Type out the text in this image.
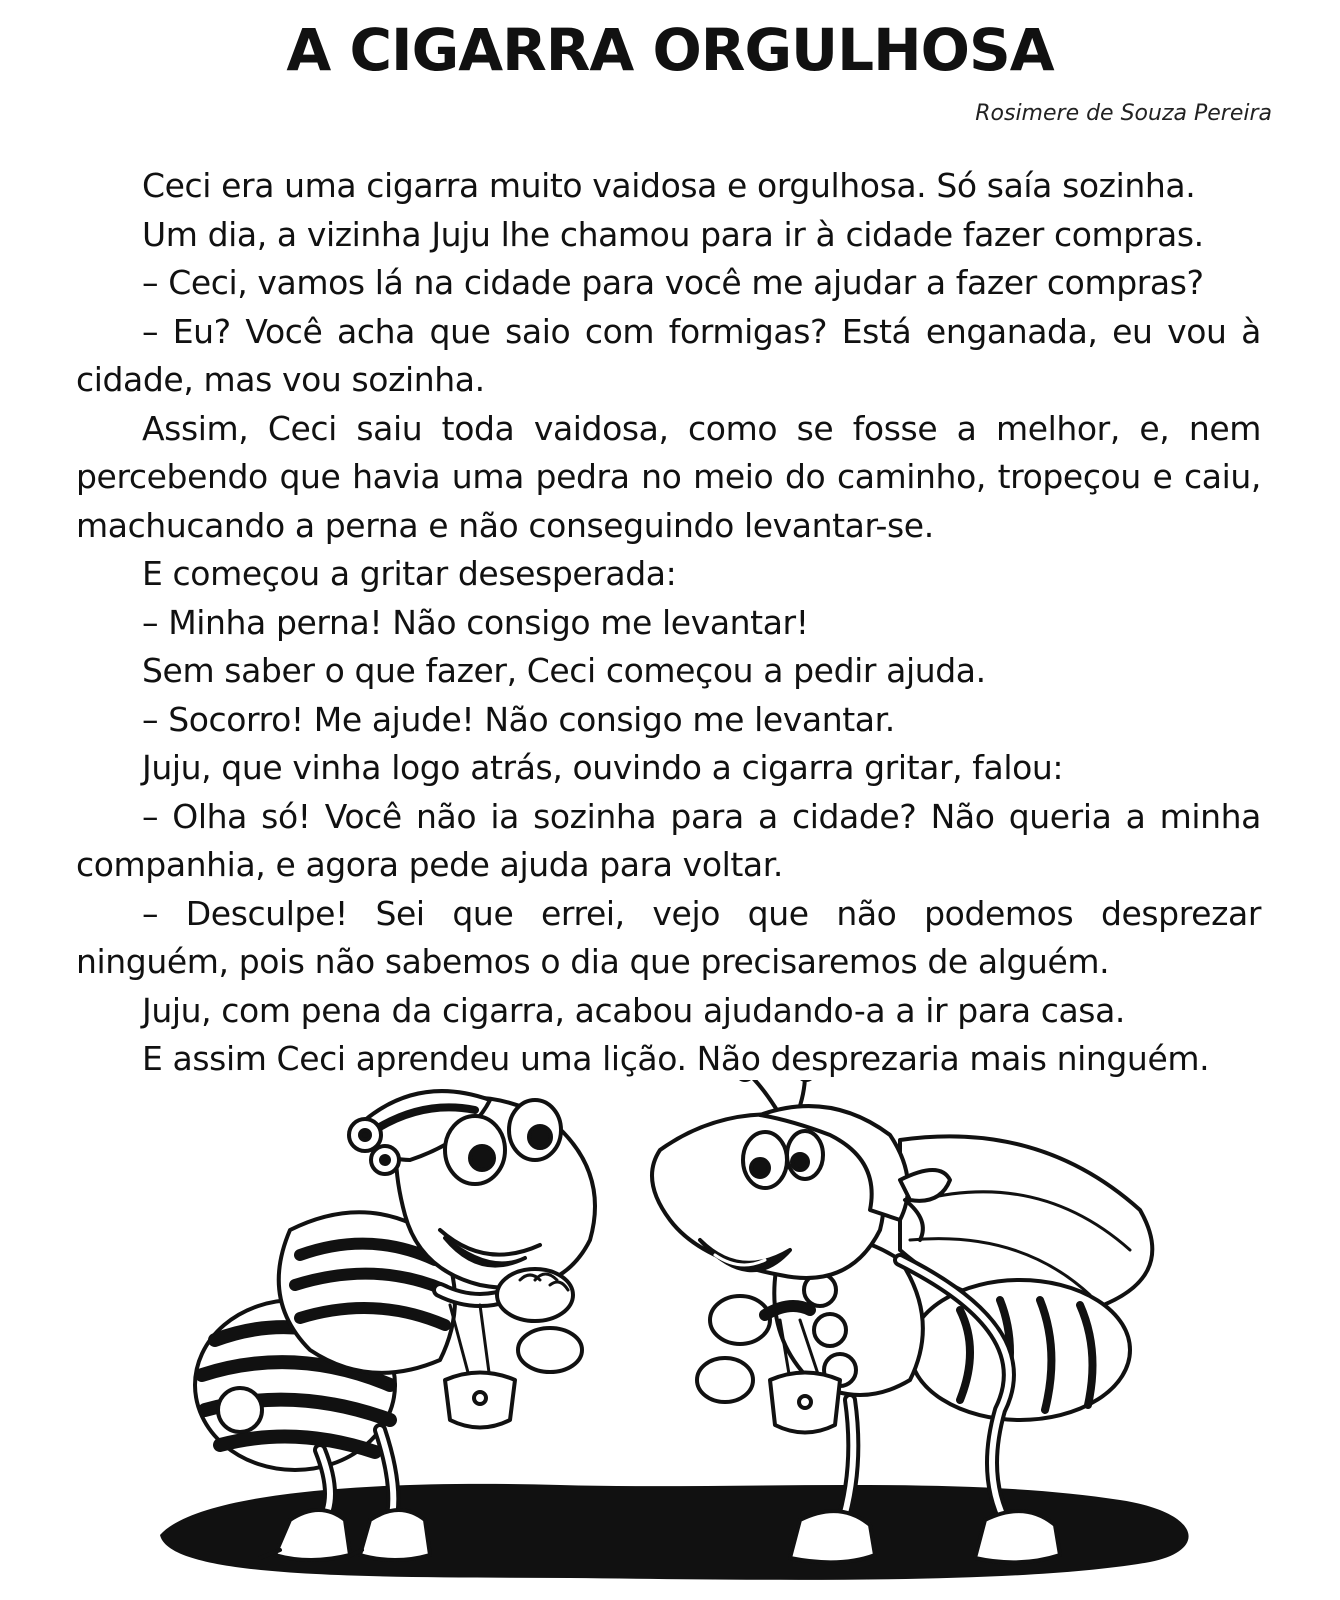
A CIGARRA ORGULHOSA
Rosimere de Souza Pereira

Ceci era uma cigarra muito vaidosa e orgulhosa. Só saía sozinha.

Um dia, a vizinha Juju lhe chamou para ir à cidade fazer compras.

– Ceci, vamos lá na cidade para você me ajudar a fazer compras?

– Eu? Você acha que saio com formigas? Está enganada, eu vou à cidade, mas vou sozinha.

Assim, Ceci saiu toda vaidosa, como se fosse a melhor, e, nem percebendo que havia uma pedra no meio do caminho, tropeçou e caiu, machucando a perna e não conseguindo levantar-se.

E começou a gritar desesperada:

– Minha perna! Não consigo me levantar!

Sem saber o que fazer, Ceci começou a pedir ajuda.

– Socorro! Me ajude! Não consigo me levantar.

Juju, que vinha logo atrás, ouvindo a cigarra gritar, falou:

– Olha só! Você não ia sozinha para a cidade? Não queria a minha companhia, e agora pede ajuda para voltar.

– Desculpe! Sei que errei, vejo que não podemos desprezar ninguém, pois não sabemos o dia que precisaremos de alguém.

Juju, com pena da cigarra, acabou ajudando-a a ir para casa.

E assim Ceci aprendeu uma lição. Não desprezaria mais ninguém.
